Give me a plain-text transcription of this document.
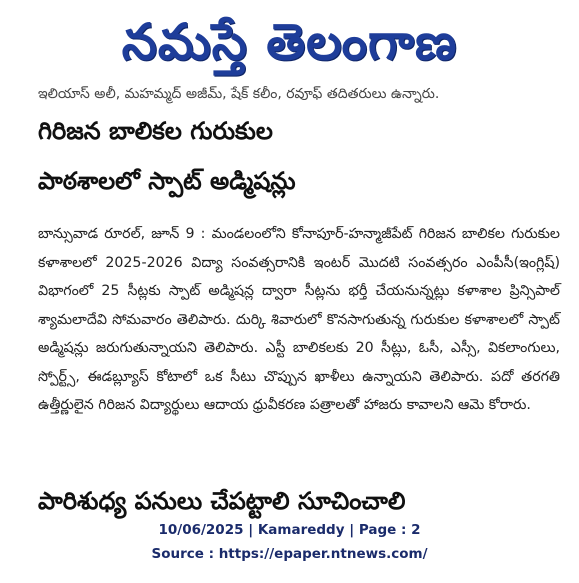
నమస్తే తెలంగాణ
ఇలియాస్ అలీ, మహమ్మద్ అజీమ్, షేక్ కలీం, రవూఫ్ తదితరులు ఉన్నారు.
గిరిజన బాలికల గురుకుల
పాఠశాలలో స్పాట్ అడ్మిషన్లు

బాన్సువాడ రూరల్, జూన్ 9 : మండలంలోని కోనాపూర్-హన్మాజీపేట్ గిరిజన బాలికల గురుకుల కళాశాలలో 2025-2026 విద్యా సంవత్సరానికి ఇంటర్ మొదటి సంవత్సరం ఎంపీసీ(ఇంగ్లిష్) విభాగంలో 25 సీట్లకు స్పాట్ అడ్మిషన్ల ద్వారా సీట్లను భర్తీ చేయనున్నట్లు కళాశాల ప్రిన్సిపాల్ శ్యామలాదేవి సోమవారం తెలిపారు. దుర్కి శివారులో కొనసాగుతున్న గురుకుల కళాశాలలో స్పాట్ అడ్మిషన్లు జరుగుతున్నాయని తెలిపారు. ఎస్టీ బాలికలకు 20 సీట్లు, ఓసీ, ఎస్సీ, వికలాంగులు, స్పోర్ట్స్, ఈడబ్ల్యూస్ కోటాలో ఒక సీటు చొప్పున ఖాళీలు ఉన్నాయని తెలిపారు. పదో తరగతి ఉత్తీర్ణులైన గిరిజన విద్యార్థులు ఆదాయ ధ్రువీకరణ పత్రాలతో హాజరు కావాలని ఆమె కోరారు.

పారిశుధ్య పనులు చేపట్టాలి సూచించాలి
10/06/2025 | Kamareddy | Page : 2
Source : https://epaper.ntnews.com/
